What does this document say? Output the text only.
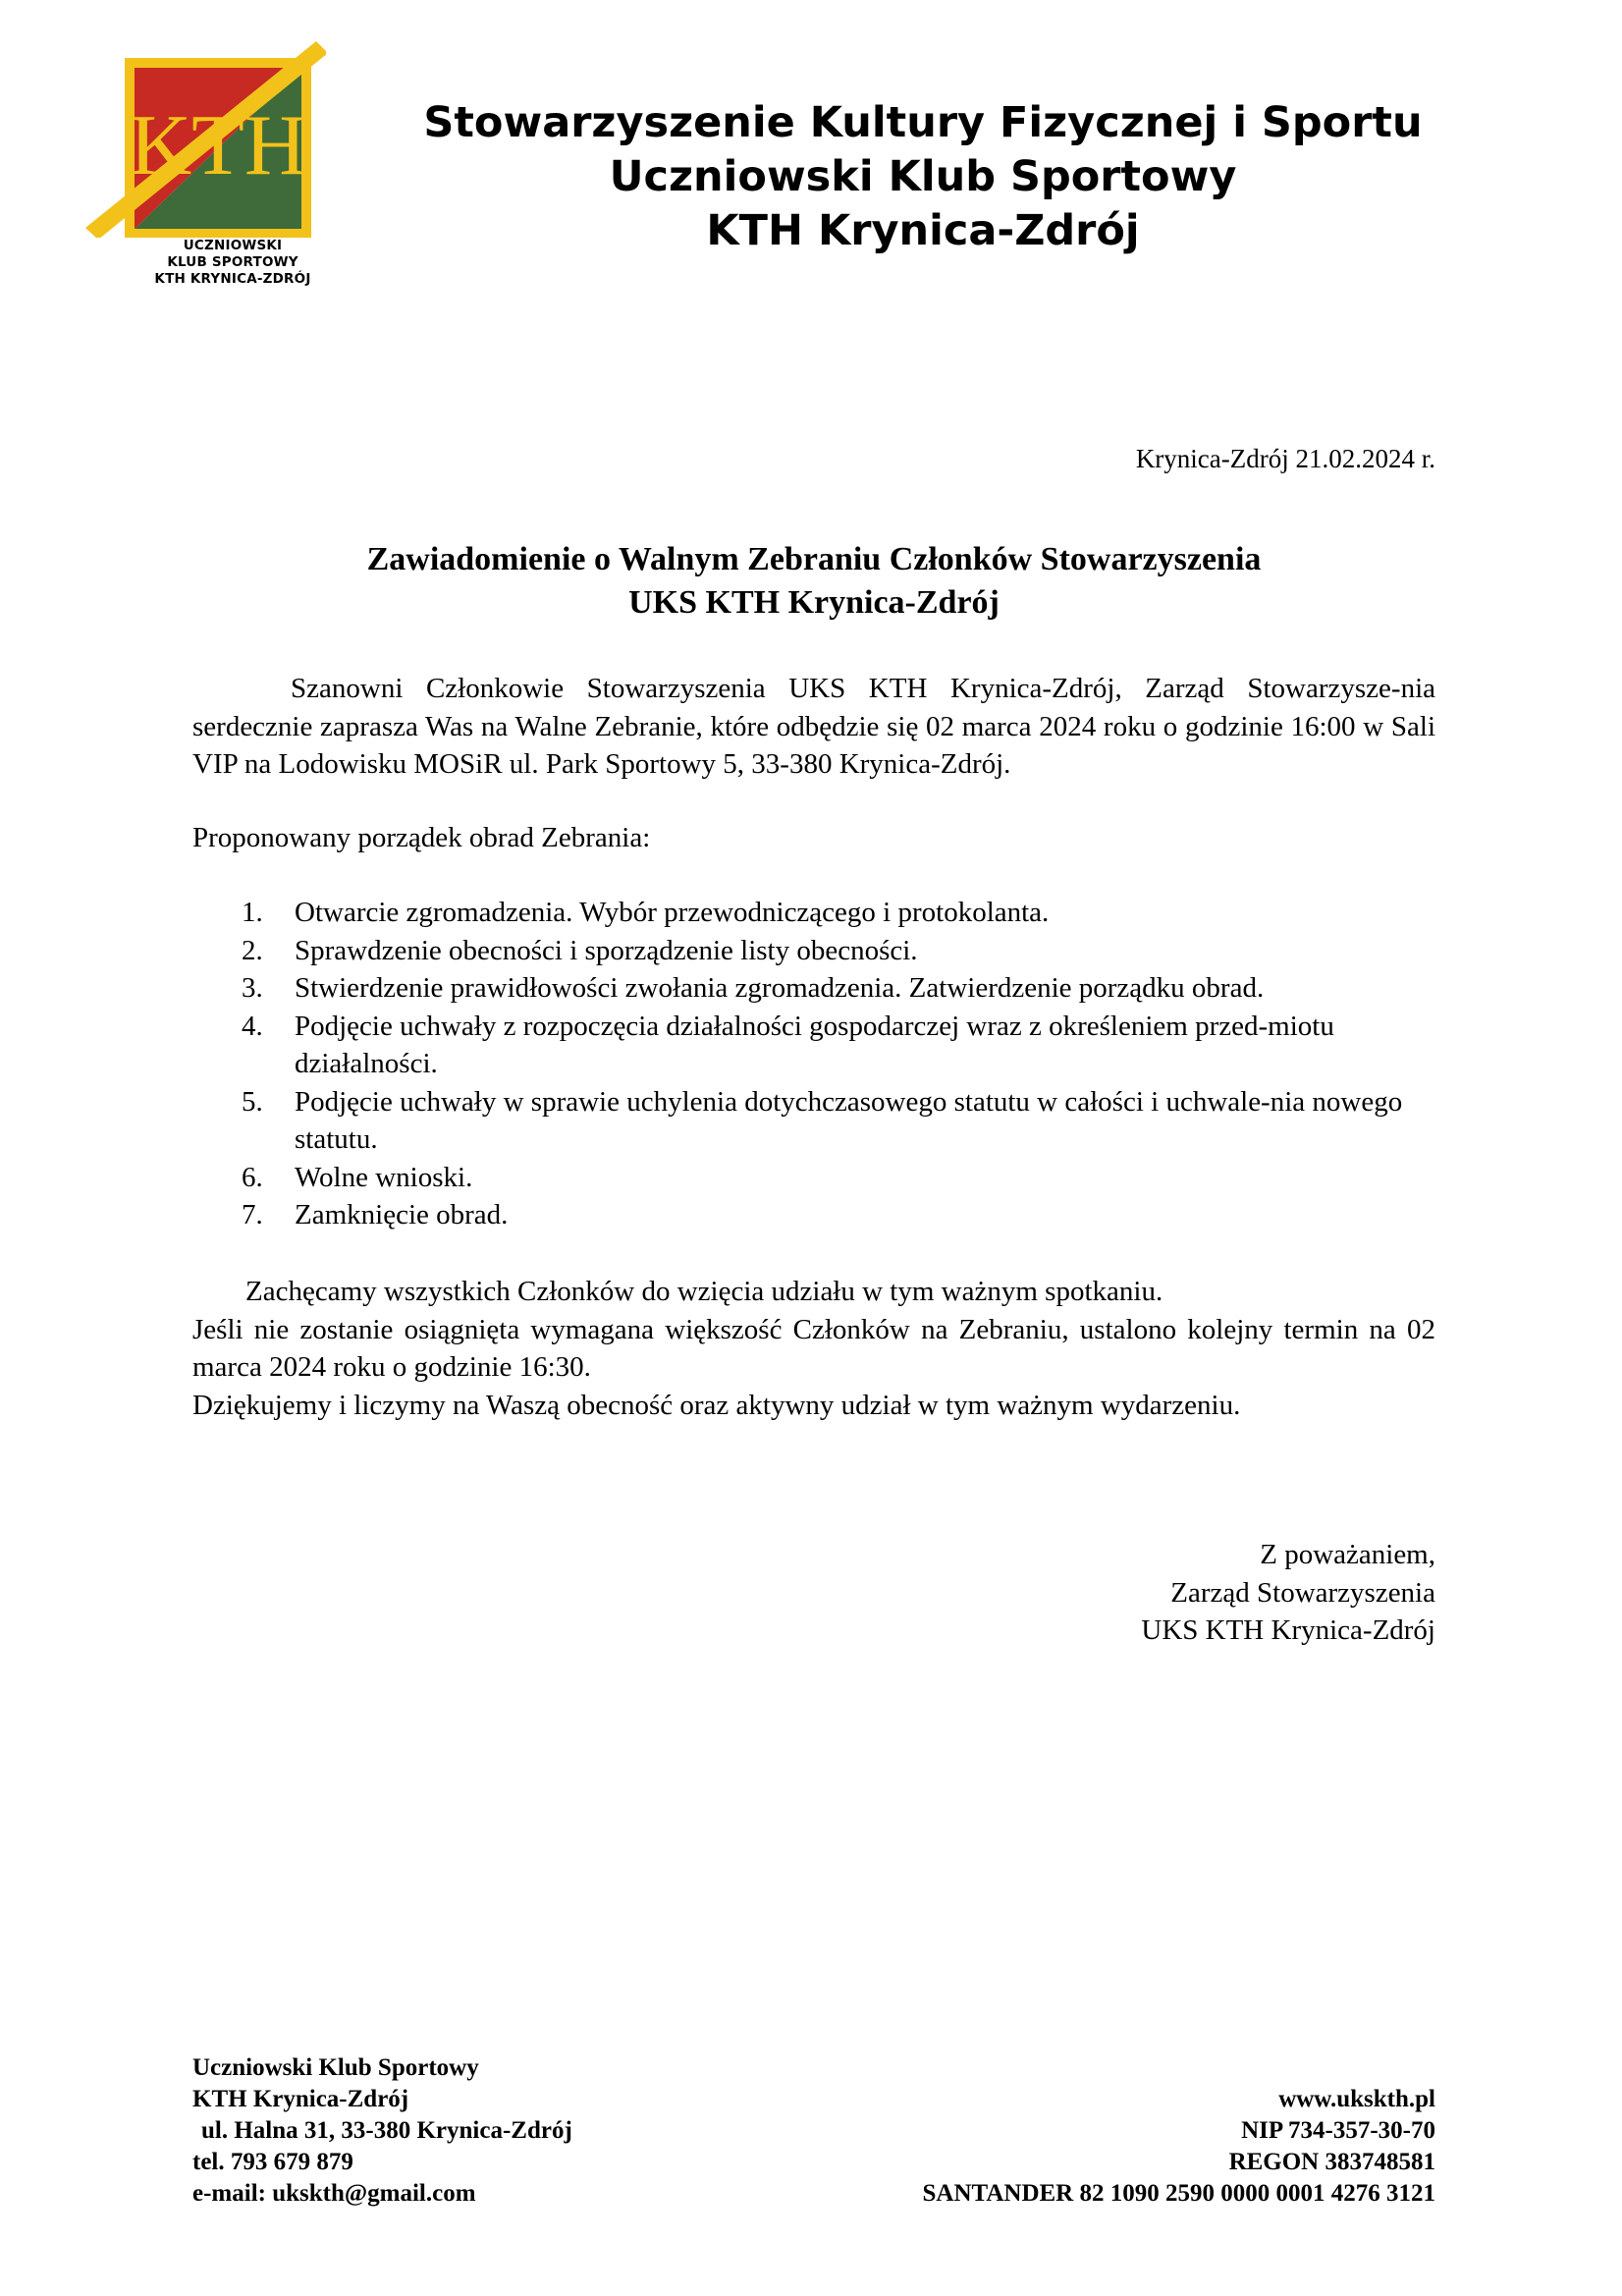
KTH
UCZNIOWSKI
KLUB SPORTOWY
KTH KRYNICA-ZDRÓJ
Stowarzyszenie Kultury Fizycznej i Sportu
Uczniowski Klub Sportowy
KTH Krynica-Zdrój
Krynica-Zdrój 21.02.2024 r.
Zawiadomienie o Walnym Zebraniu Członków Stowarzyszenia
UKS KTH Krynica-Zdrój
Szanowni Członkowie Stowarzyszenia UKS KTH Krynica-Zdrój, Zarząd Stowarzysze-nia serdecznie zaprasza Was na Walne Zebranie, które odbędzie się 02 marca 2024 roku o godzinie 16:00 w Sali VIP na Lodowisku MOSiR ul. Park Sportowy 5, 33-380 Krynica-Zdrój.
Proponowany porządek obrad Zebrania:
1. Otwarcie zgromadzenia. Wybór przewodniczącego i protokolanta.
2. Sprawdzenie obecności i sporządzenie listy obecności.
3. Stwierdzenie prawidłowości zwołania zgromadzenia. Zatwierdzenie porządku obrad.
4. Podjęcie uchwały z rozpoczęcia działalności gospodarczej wraz z określeniem przed-miotu działalności.
5. Podjęcie uchwały w sprawie uchylenia dotychczasowego statutu w całości i uchwale-nia nowego statutu.
6. Wolne wnioski.
7. Zamknięcie obrad.
Zachęcamy wszystkich Członków do wzięcia udziału w tym ważnym spotkaniu.
Jeśli nie zostanie osiągnięta wymagana większość Członków na Zebraniu, ustalono kolejny termin na 02 marca 2024 roku o godzinie 16:30.
Dziękujemy i liczymy na Waszą obecność oraz aktywny udział w tym ważnym wydarzeniu.
Z poważaniem,
Zarząd Stowarzyszenia
UKS KTH Krynica-Zdrój
Uczniowski Klub Sportowy
KTH Krynica-Zdrój
ul. Halna 31, 33-380 Krynica-Zdrój
tel. 793 679 879
e-mail: ukskth@gmail.com
www.ukskth.pl
NIP 734-357-30-70
REGON 383748581
SANTANDER 82 1090 2590 0000 0001 4276 3121
